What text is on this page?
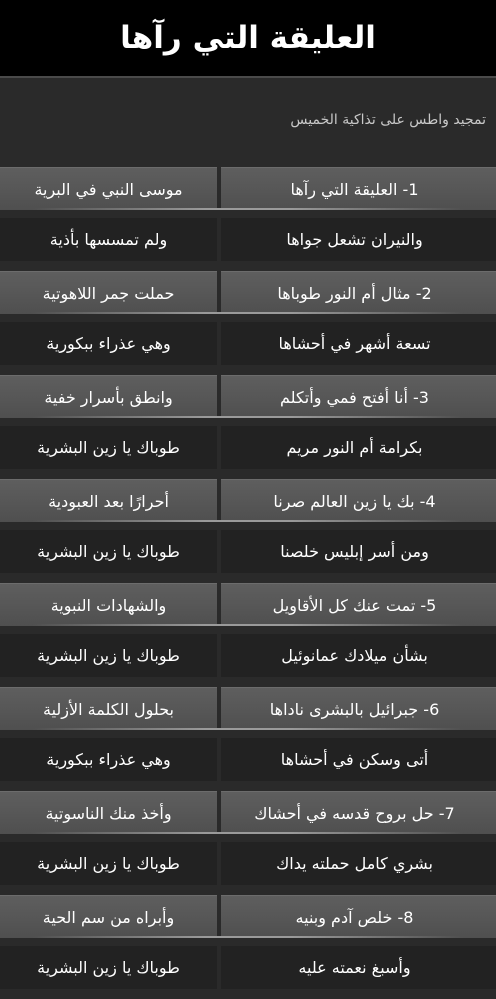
العليقة التي رآها
تمجيد واطس على تذاكية الخميس
1- العليقة التي رآها
موسى النبي في البرية
والنيران تشعل جواها
ولم تمسسها بأذية
2- مثال أم النور طوباها
حملت جمر اللاهوتية
تسعة أشهر في أحشاها
وهي عذراء ببكورية
3- أنا أفتح فمي وأتكلم
وانطق بأسرار خفية
بكرامة أم النور مريم
طوباك يا زين البشرية
4- بك يا زين العالم صرنا
أحرارًا بعد العبودية
ومن أسر إبليس خلصنا
طوباك يا زين البشرية
5- تمت عنك كل الأقاويل
والشهادات النبوية
بشأن ميلادك عمانوئيل
طوباك يا زين البشرية
6- جبرائيل بالبشرى ناداها
بحلول الكلمة الأزلية
أتى وسكن في أحشاها
وهي عذراء ببكورية
7- حل بروح قدسه في أحشاك
وأخذ منك الناسوتية
بشري كامل حملته يداك
طوباك يا زين البشرية
8- خلص آدم وبنيه
وأبراه من سم الحية
وأسبغ نعمته عليه
طوباك يا زين البشرية
